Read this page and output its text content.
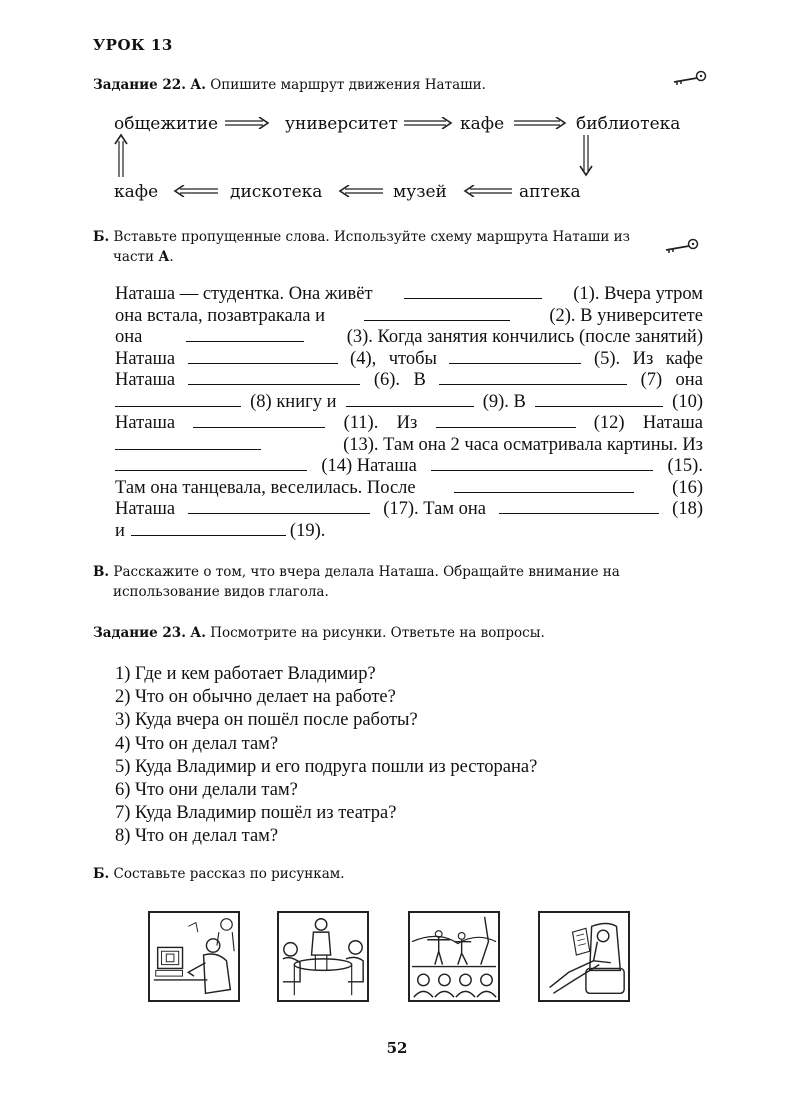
УРОК 13
Задание 22. А. Опишите маршрут движения Наташи.
общежитие	университет	кафе	библиотека
кафе	дискотека	музей	аптека
Б. Вставьте пропущенные слова. Используйте схему маршрута Наташи из
части А.
Наташа — студентка. Она живёт	(1). Вчера утром
она встала, позавтракала и	(2). В университете
она	(3). Когда занятия кончились (после занятий)
Наташа	(4), чтобы	(5). Из кафе
Наташа	(6). В	(7) она
(8) книгу и	(9). В	(10)
Наташа	(11). Из	(12) Наташа
(13). Там она 2 часа осматривала картины. Из
(14) Наташа	(15).
Там она танцевала, веселилась. После	(16)
Наташа	(17). Там она	(18)
и	(19).
В. Расскажите о том, что вчера делала Наташа. Обращайте внимание на
использование видов глагола.
Задание 23. А. Посмотрите на рисунки. Ответьте на вопросы.
1) Где и кем работает Владимир?
2) Что он обычно делает на работе?
3) Куда вчера он пошёл после работы?
4) Что он делал там?
5) Куда Владимир и его подруга пошли из ресторана?
6) Что они делали там?
7) Куда Владимир пошёл из театра?
8) Что он делал там?
Б. Составьте рассказ по рисункам.
52
